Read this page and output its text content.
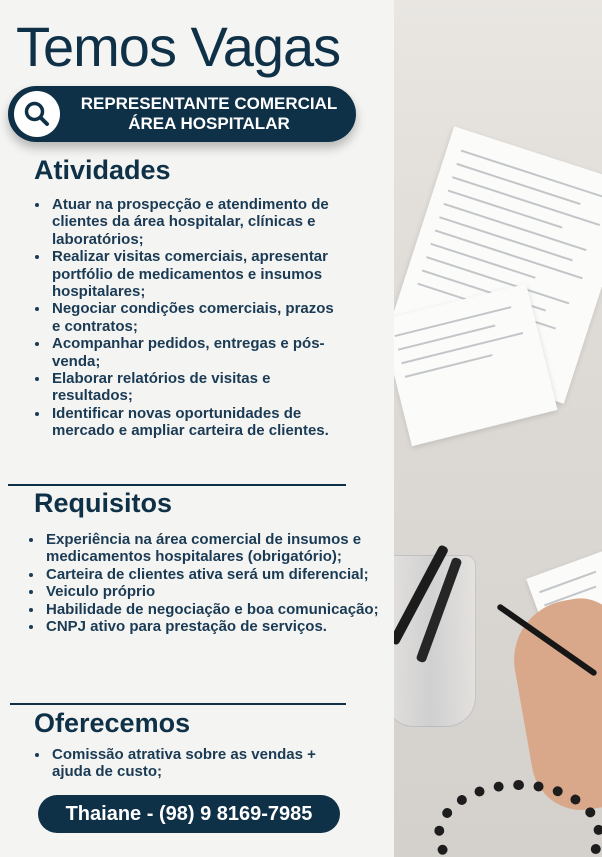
Temos Vagas
REPRESENTANTE COMERCIAL
ÁREA HOSPITALAR
Atividades
• Atuar na prospecção e atendimento de clientes da área hospitalar, clínicas e laboratórios;
• Realizar visitas comerciais, apresentar portfólio de medicamentos e insumos hospitalares;
• Negociar condições comerciais, prazos e contratos;
• Acompanhar pedidos, entregas e pós-venda;
• Elaborar relatórios de visitas e resultados;
• Identificar novas oportunidades de mercado e ampliar carteira de clientes.
Requisitos
• Experiência na área comercial de insumos e medicamentos hospitalares (obrigatório);
• Carteira de clientes ativa será um diferencial;
• Veiculo próprio
• Habilidade de negociação e boa comunicação;
• CNPJ ativo para prestação de serviços.
Oferecemos
• Comissão atrativa sobre as vendas + ajuda de custo;
Thaiane - (98) 9 8169-7985
